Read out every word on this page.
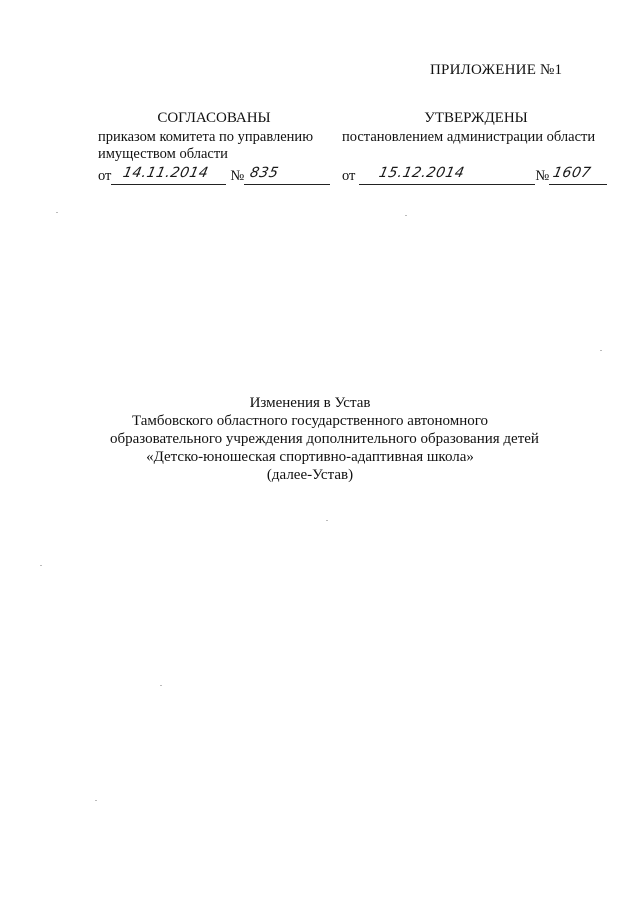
ПРИЛОЖЕНИЕ №1
СОГЛАСОВАНЫ
приказом комитета по управлению имуществом области
от 14.11.2014 № 835
УТВЕРЖДЕНЫ
постановлением администрации области
от 15.12.2014	№ 1607
Изменения в Устав
Тамбовского областного государственного автономного
образовательного учреждения дополнительного образования детей
«Детско-юношеская спортивно-адаптивная школа»
(далее-Устав)
